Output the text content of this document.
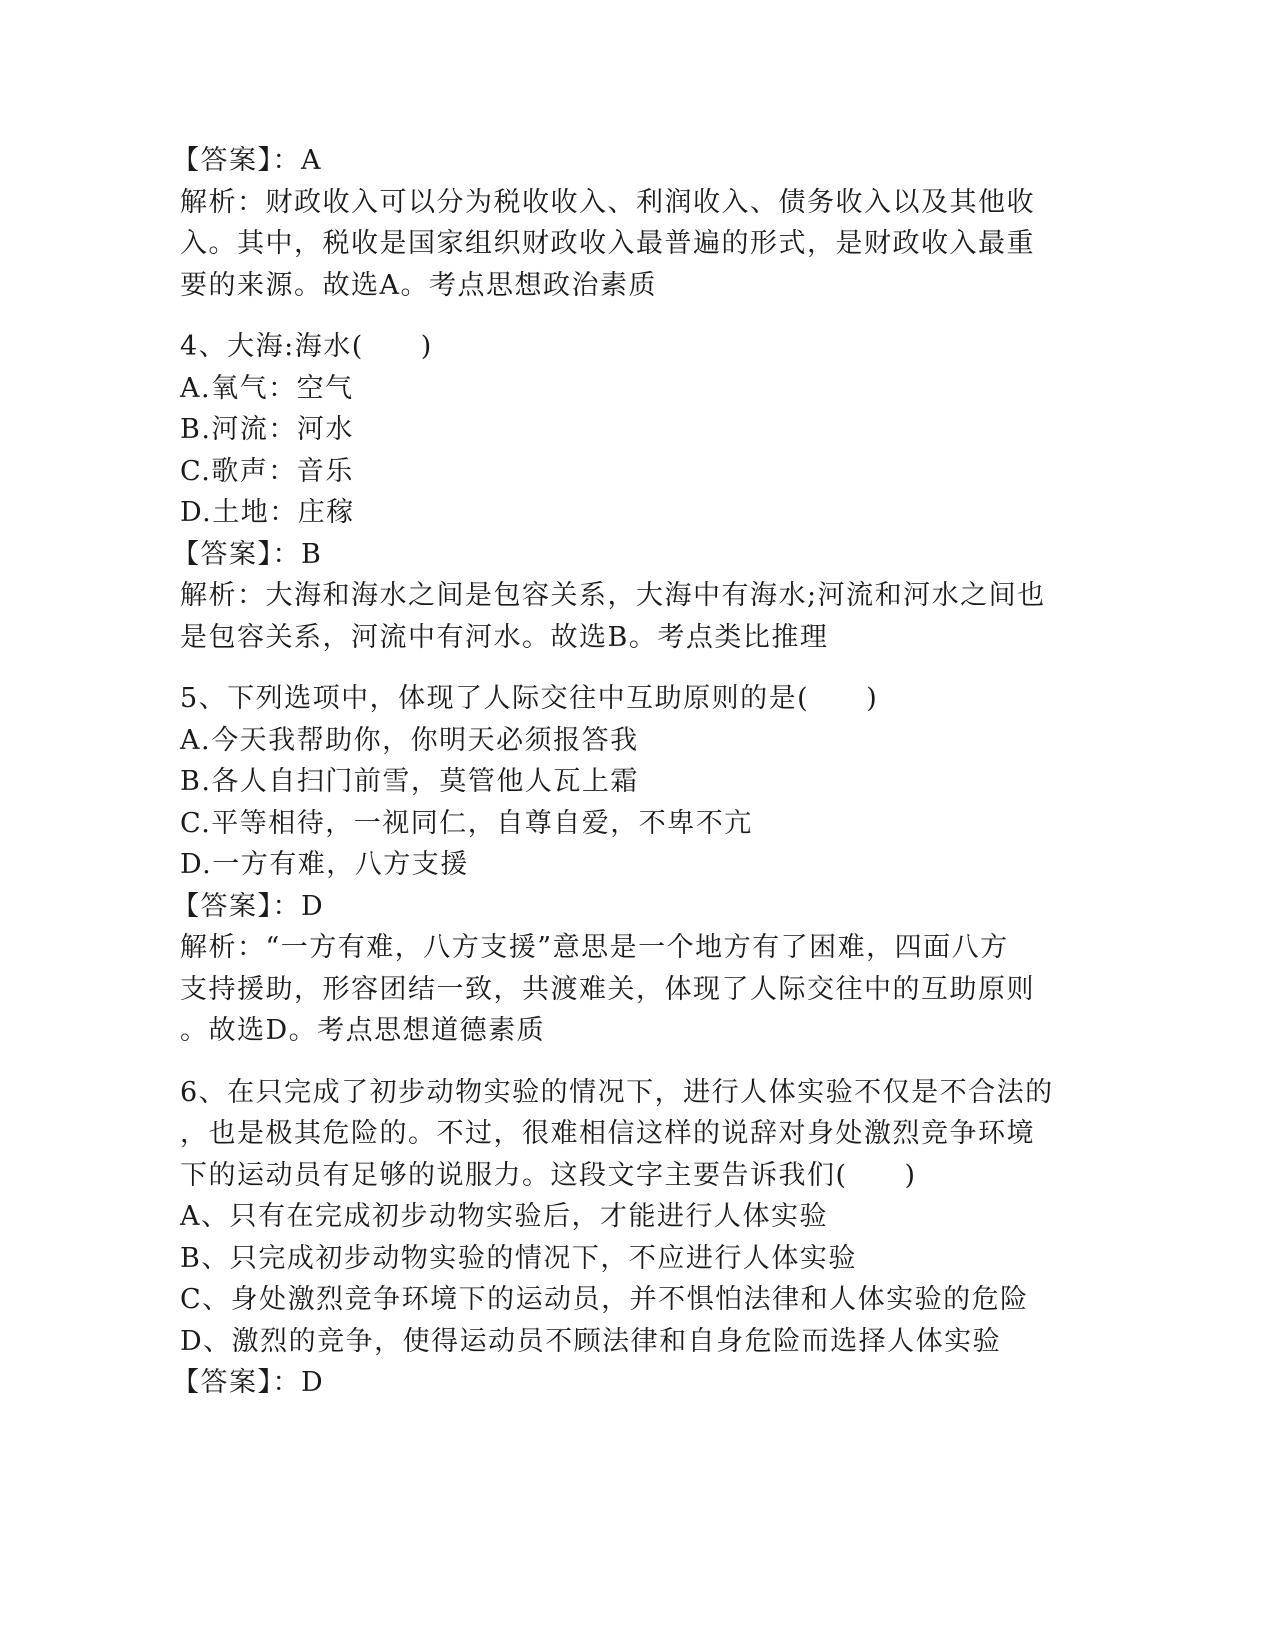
【答案】：A
解析：财政收入可以分为税收收入、利润收入、债务收入以及其他收
入。其中，税收是国家组织财政收入最普遍的形式，是财政收入最重
要的来源。故选A。考点思想政治素质
4、大海:海水(　　)
A.氧气：空气
B.河流：河水
C.歌声：音乐
D.土地：庄稼
【答案】：B
解析：大海和海水之间是包容关系，大海中有海水;河流和河水之间也
是包容关系，河流中有河水。故选B。考点类比推理
5、下列选项中，体现了人际交往中互助原则的是(　　)
A.今天我帮助你，你明天必须报答我
B.各人自扫门前雪，莫管他人瓦上霜
C.平等相待，一视同仁，自尊自爱，不卑不亢
D.一方有难，八方支援
【答案】：D
解析：“一方有难，八方支援”意思是一个地方有了困难，四面八方
支持援助，形容团结一致，共渡难关，体现了人际交往中的互助原则
。故选D。考点思想道德素质
6、在只完成了初步动物实验的情况下，进行人体实验不仅是不合法的
，也是极其危险的。不过，很难相信这样的说辞对身处激烈竞争环境
下的运动员有足够的说服力。这段文字主要告诉我们(　　)
A、只有在完成初步动物实验后，才能进行人体实验
B、只完成初步动物实验的情况下，不应进行人体实验
C、身处激烈竞争环境下的运动员，并不惧怕法律和人体实验的危险
D、激烈的竞争，使得运动员不顾法律和自身危险而选择人体实验
【答案】：D
